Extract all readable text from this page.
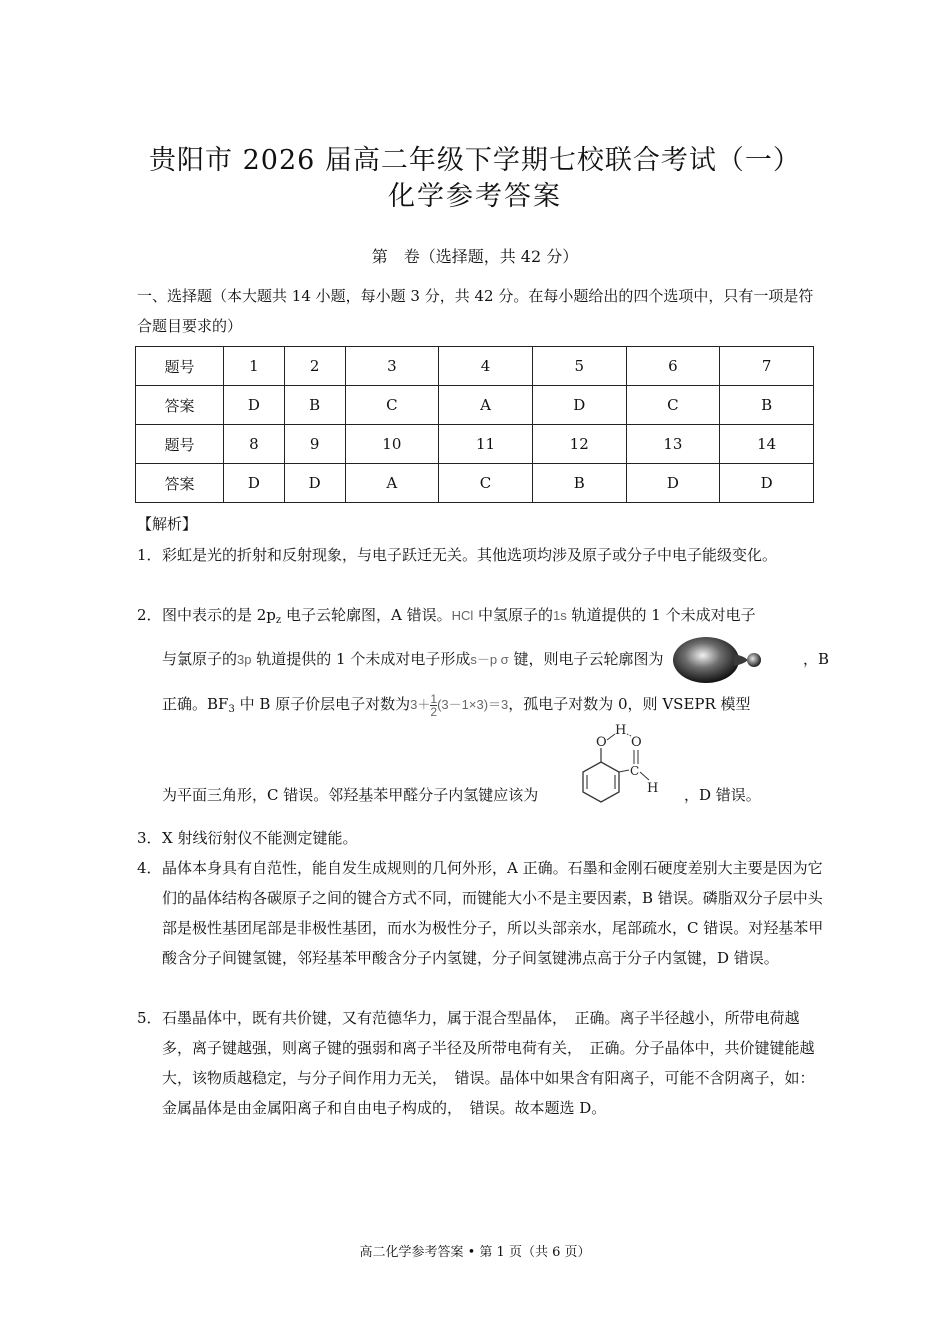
贵阳市 2026 届高二年级下学期七校联合考试（一）
化学参考答案
第　卷（选择题，共 42 分）
一、选择题（本大题共 14 小题，每小题 3 分，共 42 分。在每小题给出的四个选项中，只有一项是符合题目要求的）
题号	1	2	3	4	5	6	7
答案	D	B	C	A	D	C	B
题号	8	9	10	11	12	13	14
答案	D	D	A	C	B	D	D
【解析】
1． 彩虹是光的折射和反射现象，与电子跃迁无关。其他选项均涉及原子或分子中电子能级变化。
2． 图中表示的是 $2p_z$ 电子云轮廓图，A 错误。HCl 中氢原子的1s 轨道提供的 1 个未成对电子
与氯原子的3p 轨道提供的 1 个未成对电子形成s－p σ 键，则电子云轮廓图为	，B
正确。$BF_3$ 中 B 原子价层电子对数为$3+ \frac{1}{2} (3-1\times 3)=3$，孤电子对数为 0，则 VSEPR 模型
为平面三角形，C 错误。邻羟基苯甲醛分子内氢键应该为
O
H
O
C
H ，D 错误。
3． X 射线衍射仪不能测定键能。
4． 晶体本身具有自范性，能自发生成规则的几何外形，A 正确。石墨和金刚石硬度差别大主要是因为它们的晶体结构各碳原子之间的键合方式不同，而键能大小不是主要因素，B 错误。磷脂双分子层中头部是极性基团尾部是非极性基团，而水为极性分子，所以头部亲水，尾部疏水，C 错误。对羟基苯甲酸含分子间键氢键，邻羟基苯甲酸含分子内氢键，分子间氢键沸点高于分子内氢键，D 错误。
5． 石墨晶体中，既有共价键，又有范德华力，属于混合型晶体，　正确。离子半径越小，所带电荷越多，离子键越强，则离子键的强弱和离子半径及所带电荷有关，　正确。分子晶体中，共价键键能越大，该物质越稳定，与分子间作用力无关，　错误。晶体中如果含有阳离子，可能不含阴离子，如：金属晶体是由金属阳离子和自由电子构成的，　错误。故本题选 D。
高二化学参考答案 • 第 1 页（共 6 页）
